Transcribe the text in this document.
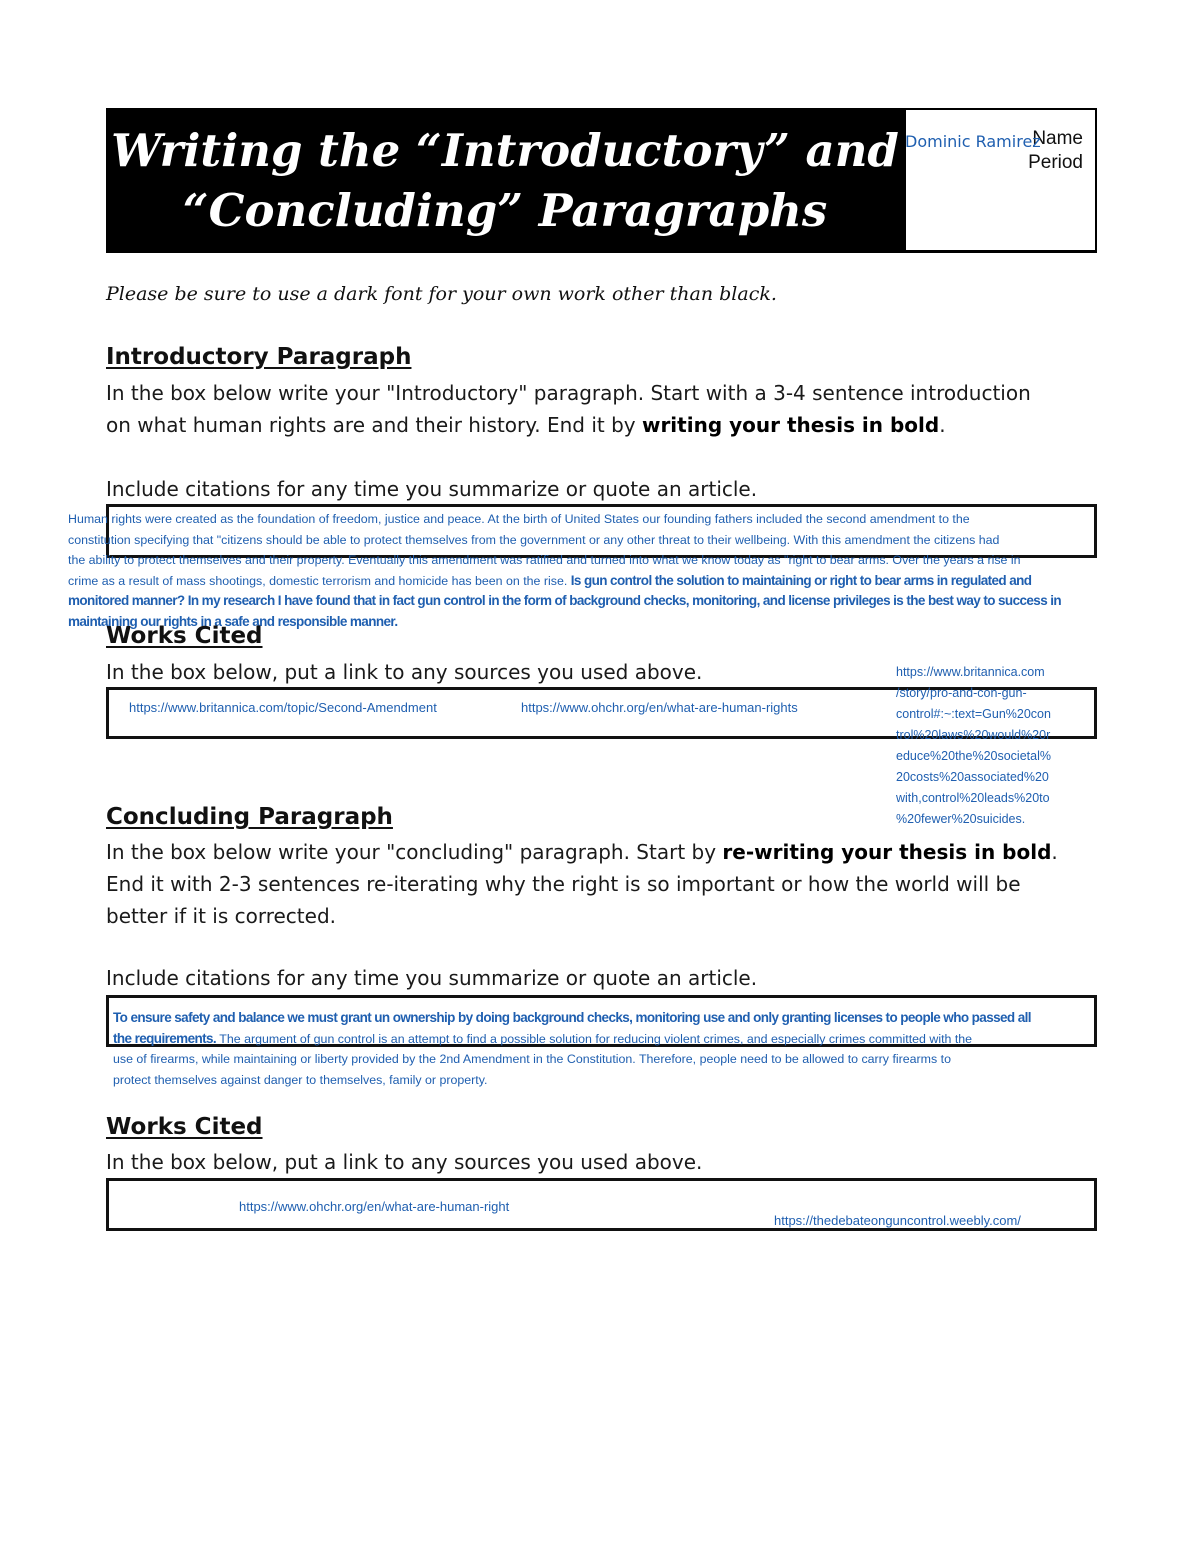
Writing the “Introductory” and
“Concluding” Paragraphs
Name
Period
Dominic Ramirez
Please be sure to use a dark font for your own work other than black.
Introductory Paragraph
In the box below write your "Introductory" paragraph. Start with a 3-4 sentence introduction
on what human rights are and their history. End it by writing your thesis in bold.
Include citations for any time you summarize or quote an article.
Human rights were created as the foundation of freedom, justice and peace. At the birth of United States our founding fathers included the second amendment to the
constitution specifying that "citizens should be able to protect themselves from the government or any other threat to their wellbeing. With this amendment the citizens had
the ability to protect themselves and their property. Eventually this amendment was ratified and turned into what we know today as "right to bear arms. Over the years a rise in
crime as a result of mass shootings, domestic terrorism and homicide has been on the rise. Is gun control the solution to maintaining or right to bear arms in regulated and
monitored manner? In my research I have found that in fact gun control in the form of background checks, monitoring, and license privileges is the best way to success in
maintaining our rights in a safe and responsible manner.
Works Cited
In the box below, put a link to any sources you used above.
https://www.britannica.com/topic/Second-Amendment	https://www.ohchr.org/en/what-are-human-rights
https://www.britannica.com
/story/pro-and-con-gun-
control#:~:text=Gun%20con
trol%20laws%20would%20r
educe%20the%20societal%
20costs%20associated%20
with,control%20leads%20to
%20fewer%20suicides.
Concluding Paragraph
In the box below write your "concluding" paragraph. Start by re-writing your thesis in bold.
End it with 2-3 sentences re-iterating why the right is so important or how the world will be
better if it is corrected.
Include citations for any time you summarize or quote an article.
To ensure safety and balance we must grant un ownership by doing background checks, monitoring use and only granting licenses to people who passed all
the requirements. The argument of gun control is an attempt to find a possible solution for reducing violent crimes, and especially crimes committed with the
use of firearms, while maintaining or liberty provided by the 2nd Amendment in the Constitution. Therefore, people need to be allowed to carry firearms to
protect themselves against danger to themselves, family or property.
Works Cited
In the box below, put a link to any sources you used above.
https://www.ohchr.org/en/what-are-human-right
https://thedebateonguncontrol.weebly.com/
